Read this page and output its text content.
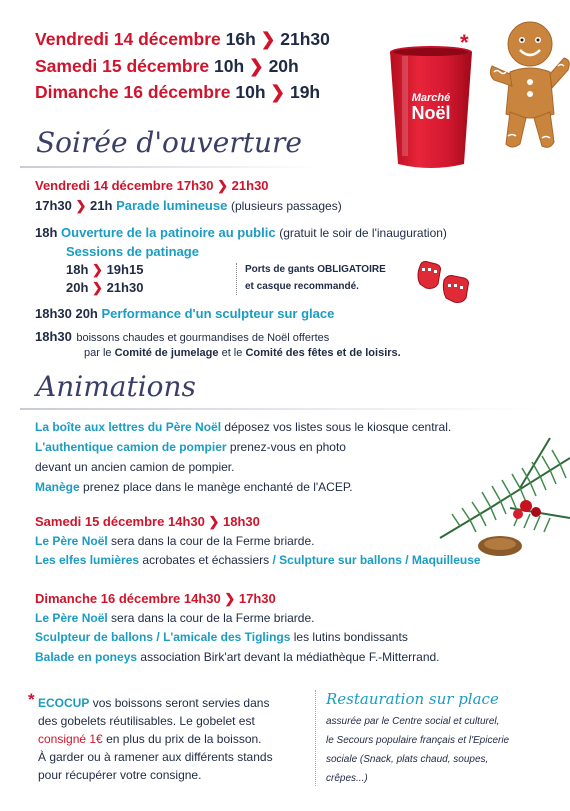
Vendredi 14 décembre 16h ❯ 21h30
Samedi 15 décembre 10h ❯ 20h
Dimanche 16 décembre 10h ❯ 19h	Marché
Noël
*
Soirée d'ouverture
Vendredi 14 décembre 17h30 ❯ 21h30
17h30 ❯ 21h Parade lumineuse (plusieurs passages)
18h Ouverture de la patinoire au public (gratuit le soir de l'inauguration)
Sessions de patinage
18h ❯ 19h15
20h ❯ 21h30
Ports de gants OBLIGATOIRE
et casque recommandé.
18h30 20h Performance d'un sculpteur sur glace
18h30 boissons chaudes et gourmandises de Noël offertes
par le Comité de jumelage et le Comité des fêtes et de loisirs.
Animations
La boîte aux lettres du Père Noël déposez vos listes sous le kiosque central.
L'authentique camion de pompier prenez-vous en photo
devant un ancien camion de pompier.
Manège prenez place dans le manège enchanté de l'ACEP.
Samedi 15 décembre 14h30 ❯ 18h30
Le Père Noël sera dans la cour de la Ferme briarde.
Les elfes lumières acrobates et échassiers / Sculpture sur ballons / Maquilleuse
Dimanche 16 décembre 14h30 ❯ 17h30
Le Père Noël sera dans la cour de la Ferme briarde.
Sculpteur de ballons / L'amicale des Tiglings les lutins bondissants
Balade en poneys association Birk'art devant la médiathèque F.-Mitterrand.
* ECOCUP vos boissons seront servies dans
des gobelets réutilisables. Le gobelet est
consigné 1€ en plus du prix de la boisson.
À garder ou à ramener aux différents stands
pour récupérer votre consigne.
Restauration sur place
assurée par le Centre social et culturel,
le Secours populaire français et l'Epicerie
sociale (Snack, plats chaud, soupes,
crêpes...)
